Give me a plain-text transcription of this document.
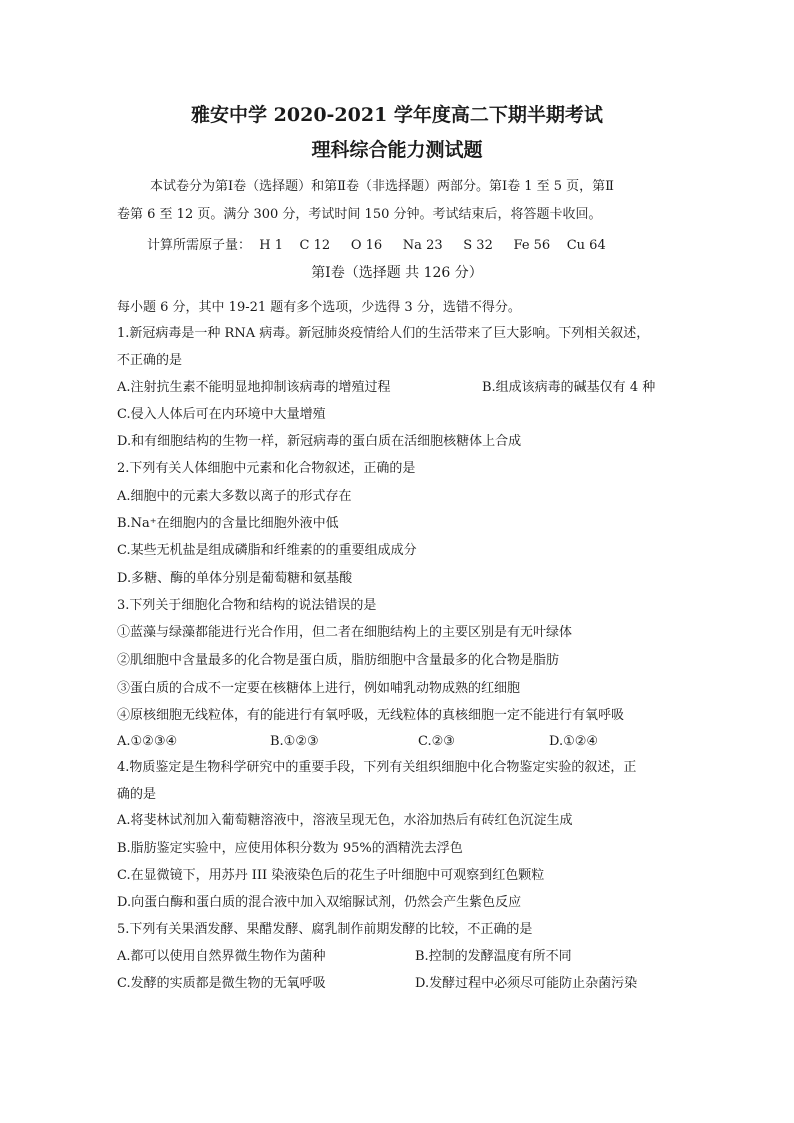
雅安中学 2020-2021 学年度高二下期半期考试
理科综合能力测试题
本试卷分为第Ⅰ卷（选择题）和第Ⅱ卷（非选择题）两部分。第Ⅰ卷 1 至 5 页，第Ⅱ
卷第 6 至 12 页。满分 300 分，考试时间 150 分钟。考试结束后，将答题卡收回。
计算所需原子量：  H 1    C 12     O 16     Na 23     S 32     Fe 56    Cu 64
第Ⅰ卷（选择题 共 126 分）
每小题 6 分，其中 19-21 题有多个选项，少选得 3 分，选错不得分。
1.新冠病毒是一种 RNA 病毒。新冠肺炎疫情给人们的生活带来了巨大影响。下列相关叙述，
不正确的是
A.注射抗生素不能明显地抑制该病毒的增殖过程	B.组成该病毒的碱基仅有 4 种
C.侵入人体后可在内环境中大量增殖
D.和有细胞结构的生物一样，新冠病毒的蛋白质在活细胞核糖体上合成
2.下列有关人体细胞中元素和化合物叙述，正确的是
A.细胞中的元素大多数以离子的形式存在
B.Na⁺在细胞内的含量比细胞外液中低
C.某些无机盐是组成磷脂和纤维素的的重要组成成分
D.多糖、酶的单体分别是葡萄糖和氨基酸
3.下列关于细胞化合物和结构的说法错误的是
①蓝藻与绿藻都能进行光合作用，但二者在细胞结构上的主要区别是有无叶绿体
②肌细胞中含量最多的化合物是蛋白质，脂肪细胞中含量最多的化合物是脂肪
③蛋白质的合成不一定要在核糖体上进行，例如哺乳动物成熟的红细胞
④原核细胞无线粒体，有的能进行有氧呼吸，无线粒体的真核细胞一定不能进行有氧呼吸
A.①②③④	B.①②③	C.②③	D.①②④
4.物质鉴定是生物科学研究中的重要手段，下列有关组织细胞中化合物鉴定实验的叙述，正
确的是
A.将斐林试剂加入葡萄糖溶液中，溶液呈现无色，水浴加热后有砖红色沉淀生成
B.脂肪鉴定实验中，应使用体积分数为 95%的酒精洗去浮色
C.在显微镜下，用苏丹 III 染液染色后的花生子叶细胞中可观察到红色颗粒
D.向蛋白酶和蛋白质的混合液中加入双缩脲试剂，仍然会产生紫色反应
5.下列有关果酒发酵、果醋发酵、腐乳制作前期发酵的比较，不正确的是
A.都可以使用自然界微生物作为菌种	B.控制的发酵温度有所不同
C.发酵的实质都是微生物的无氧呼吸	D.发酵过程中必须尽可能防止杂菌污染
